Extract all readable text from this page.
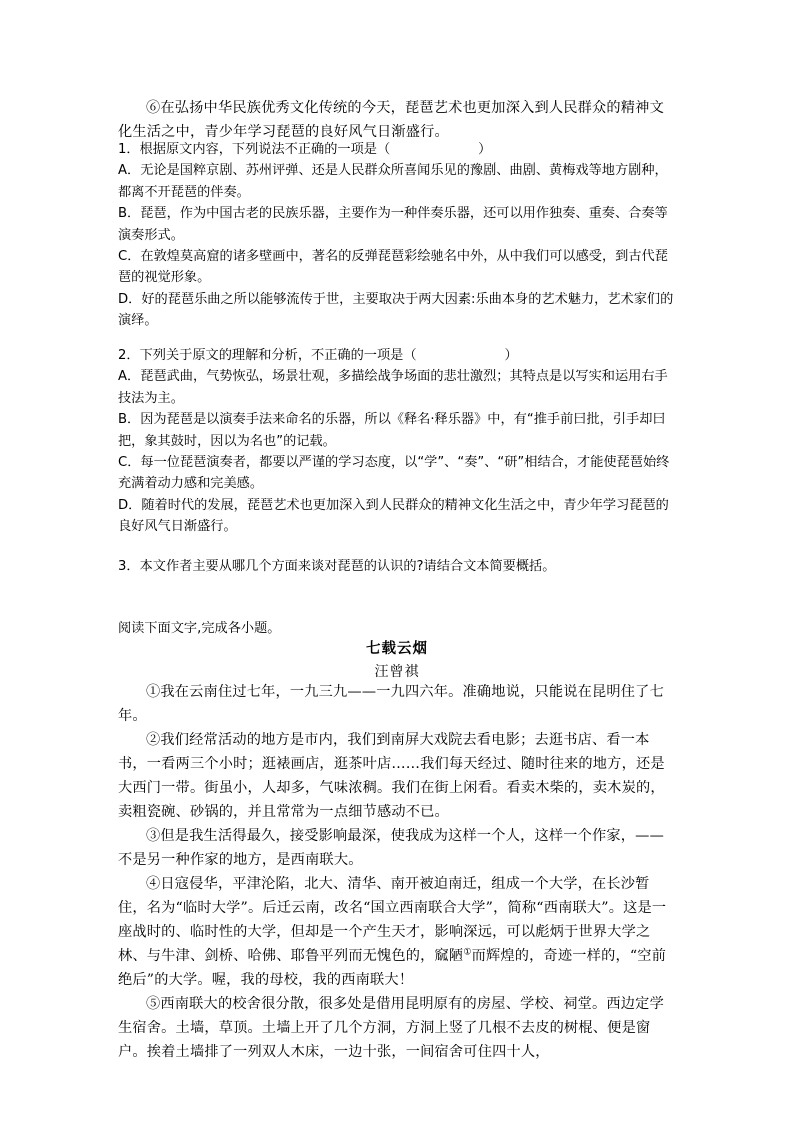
⑥在弘扬中华民族优秀文化传统的今天，琵琶艺术也更加深入到人民群众的精神文化生活之中，青少年学习琵琶的良好风气日渐盛行。

1．根据原文内容，下列说法不正确的一项是（	）

A．无论是国粹京剧、苏州评弹、还是人民群众所喜闻乐见的豫剧、曲剧、黄梅戏等地方剧种，都离不开琵琶的伴奏。

B．琵琶，作为中国古老的民族乐器，主要作为一种伴奏乐器，还可以用作独奏、重奏、合奏等演奏形式。

C．在敦煌莫高窟的诸多壁画中，著名的反弹琵琶彩绘驰名中外，从中我们可以感受，到古代琵琶的视觉形象。

D．好的琵琶乐曲之所以能够流传于世，主要取决于两大因素:乐曲本身的艺术魅力，艺术家们的演绎。

2．下列关于原文的理解和分析，不正确的一项是（	）

A．琵琶武曲，气势恢弘，场景壮观，多描绘战争场面的悲壮激烈；其特点是以写实和运用右手技法为主。

B．因为琵琶是以演奏手法来命名的乐器，所以《释名·释乐器》中，有“推手前曰批，引手却曰把，象其鼓时，因以为名也”的记载。

C．每一位琵琶演奏者，都要以严谨的学习态度，以“学”、“奏”、“研”相结合，才能使琵琶始终充满着动力感和完美感。

D．随着时代的发展，琵琶艺术也更加深入到人民群众的精神文化生活之中，青少年学习琵琶的良好风气日渐盛行。

3．本文作者主要从哪几个方面来谈对琵琶的认识的?请结合文本简要概括。

阅读下面文字,完成各小题。

七载云烟
汪曾祺

①我在云南住过七年，一九三九——一九四六年。准确地说，只能说在昆明住了七年。

②我们经常活动的地方是市内，我们到南屏大戏院去看电影；去逛书店、看一本书，一看两三个小时；逛裱画店，逛茶叶店……我们每天经过、随时往来的地方，还是大西门一带。街虽小，人却多，气味浓稠。我们在街上闲看。看卖木柴的，卖木炭的，卖粗瓷碗、砂锅的，并且常常为一点细节感动不已。

③但是我生活得最久，接受影响最深，使我成为这样一个人，这样一个作家，——不是另一种作家的地方，是西南联大。

④日寇侵华，平津沦陷，北大、清华、南开被迫南迁，组成一个大学，在长沙暂住，名为“临时大学”。后迁云南，改名“国立西南联合大学”，简称“西南联大”。这是一座战时的、临时性的大学，但却是一个产生天才，影响深远，可以彪炳于世界大学之林、与牛津、剑桥、哈佛、耶鲁平列而无愧色的，窳陋①而辉煌的，奇迹一样的，“空前绝后”的大学。喔，我的母校，我的西南联大！

⑤西南联大的校舍很分散，很多处是借用昆明原有的房屋、学校、祠堂。西边定学生宿舍。土墙，草顶。土墙上开了几个方洞，方洞上竖了几根不去皮的树棍、便是窗户。挨着土墙排了一列双人木床，一边十张，一间宿舍可住四十人，
